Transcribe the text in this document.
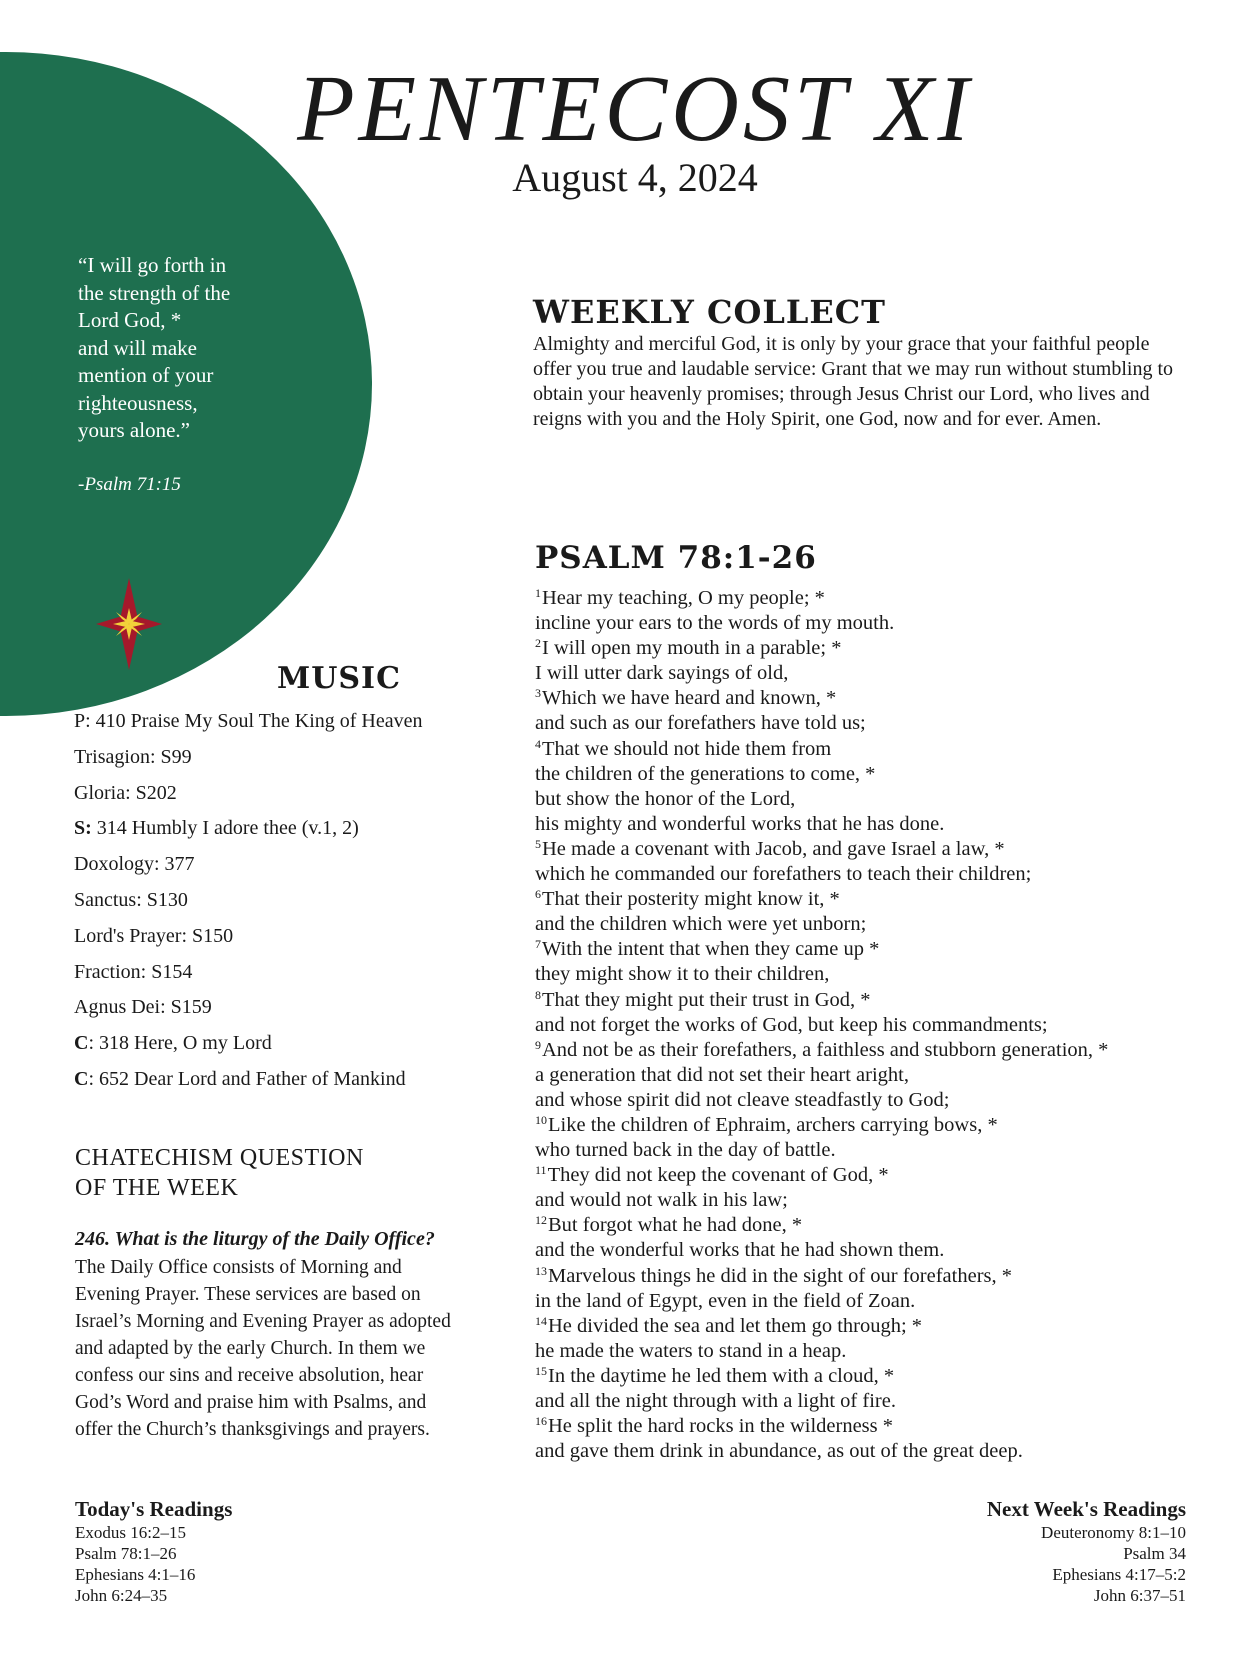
PENTECOST XI
August 4, 2024
“I will go forth in
the strength of the
Lord God, *
and will make
mention of your
righteousness,
yours alone.”
-Psalm 71:15
WEEKLY COLLECT
Almighty and merciful God, it is only by your grace that your faithful people offer you true and laudable service: Grant that we may run without stumbling to obtain your heavenly promises; through Jesus Christ our Lord, who lives and reigns with you and the Holy Spirit, one God, now and for ever. Amen.
PSALM 78:1-26
$^1$Hear my teaching, O my people; *
incline your ears to the words of my mouth.
$^2$I will open my mouth in a parable; *
I will utter dark sayings of old,
$^3$Which we have heard and known, *
and such as our forefathers have told us;
$^4$That we should not hide them from
the children of the generations to come, *
but show the honor of the Lord,
his mighty and wonderful works that he has done.
$^5$He made a covenant with Jacob, and gave Israel a law, *
which he commanded our forefathers to teach their children;
$^6$That their posterity might know it, *
and the children which were yet unborn;
$^7$With the intent that when they came up *
they might show it to their children,
$^8$That they might put their trust in God, *
and not forget the works of God, but keep his commandments;
$^9$And not be as their forefathers, a faithless and stubborn generation, *
a generation that did not set their heart aright,
and whose spirit did not cleave steadfastly to God;
$^{10}$Like the children of Ephraim, archers carrying bows, *
who turned back in the day of battle.
$^{11}$They did not keep the covenant of God, *
and would not walk in his law;
$^{12}$But forgot what he had done, *
and the wonderful works that he had shown them.
$^{13}$Marvelous things he did in the sight of our forefathers, *
in the land of Egypt, even in the field of Zoan.
$^{14}$He divided the sea and let them go through; *
he made the waters to stand in a heap.
$^{15}$In the daytime he led them with a cloud, *
and all the night through with a light of fire.
$^{16}$He split the hard rocks in the wilderness *
and gave them drink in abundance, as out of the great deep.
MUSIC
P: 410 Praise My Soul The King of Heaven
Trisagion: S99
Gloria: S202
S: 314 Humbly I adore thee (v.1, 2)
Doxology: 377
Sanctus: S130
Lord's Prayer: S150
Fraction: S154
Agnus Dei: S159
C: 318 Here, O my Lord
C: 652 Dear Lord and Father of Mankind
CHATECHISM QUESTION
OF THE WEEK
246. What is the liturgy of the Daily Office?
The Daily Office consists of Morning and
Evening Prayer. These services are based on
Israel’s Morning and Evening Prayer as adopted
and adapted by the early Church. In them we
confess our sins and receive absolution, hear
God’s Word and praise him with Psalms, and
offer the Church’s thanksgivings and prayers.
Today's Readings
Exodus 16:2–15
Psalm 78:1–26
Ephesians 4:1–16
John 6:24–35
Next Week's Readings
Deuteronomy 8:1–10
Psalm 34
Ephesians 4:17–5:2
John 6:37–51
